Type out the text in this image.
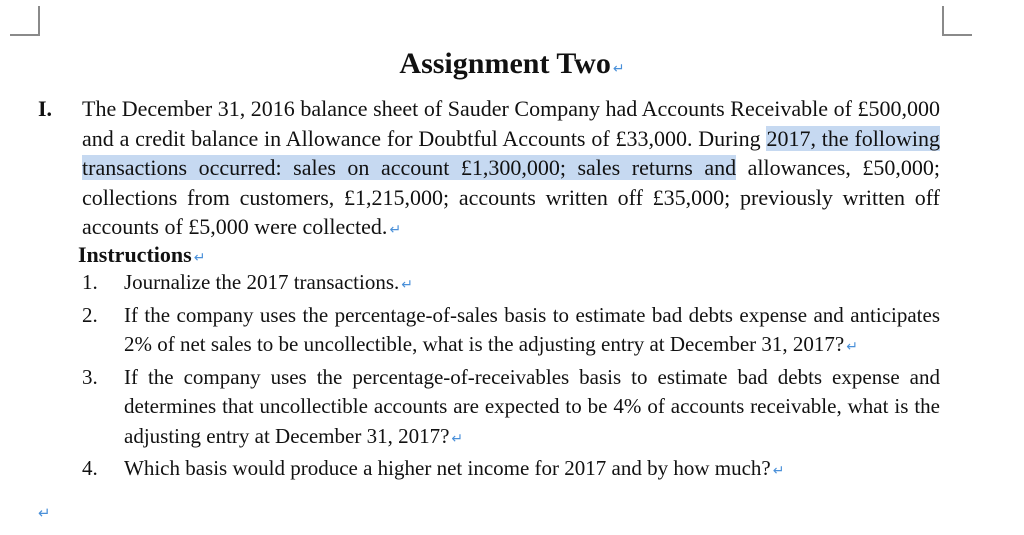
Assignment Two ↵
I. The December 31, 2016 balance sheet of Sauder Company had Accounts Receivable of £500,000 and a credit balance in Allowance for Doubtful Accounts of £33,000. During 2017, the following transactions occurred: sales on account £1,300,000; sales returns and allowances, £50,000; collections from customers, £1,215,000; accounts written off £35,000; previously written off accounts of £5,000 were collected. ↵
Instructions ↵
1.	Journalize the 2017 transactions. ↵
2.	If the company uses the percentage-of-sales basis to estimate bad debts expense and anticipates 2% of net sales to be uncollectible, what is the adjusting entry at December 31, 2017? ↵
3.	If the company uses the percentage-of-receivables basis to estimate bad debts expense and determines that uncollectible accounts are expected to be 4% of accounts receivable, what is the adjusting entry at December 31, 2017? ↵
4.	Which basis would produce a higher net income for 2017 and by how much? ↵
↵
